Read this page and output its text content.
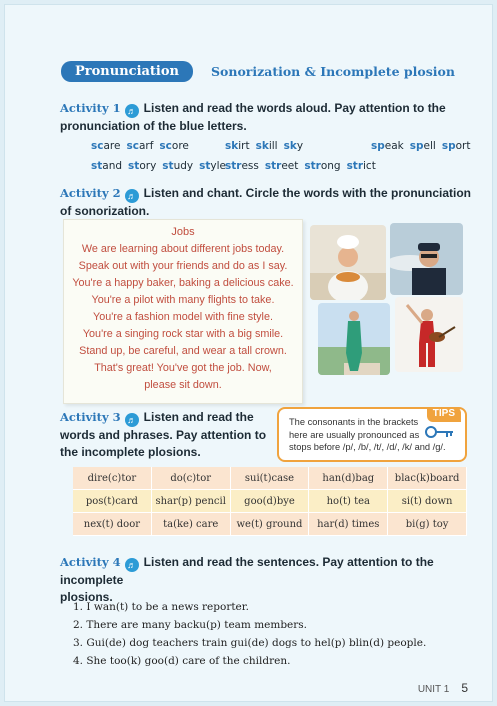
Pronunciation	Sonorization & Incomplete plosion
Activity 1 ♬ Listen and read the words aloud. Pay attention to the
pronunciation of the blue letters.
scare scarf score	skirt skill sky	speak spell sport
stand story study style stress street strong strict
Activity 2 ♬ Listen and chant. Circle the words with the pronunciation
of sonorization.
Jobs
We are learning about different jobs today.
Speak out with your friends and do as I say.
You're a happy baker, baking a delicious cake.
You're a pilot with many flights to take.
You're a fashion model with fine style.
You're a singing rock star with a big smile.
Stand up, be careful, and wear a tall crown.
That's great! You've got the job. Now,
please sit down.
Activity 3 ♬ Listen and read the
words and phrases. Pay attention to
the incomplete plosions.
TIPS
The consonants in the brackets
here are usually pronounced as
stops before /p/, /b/, /t/, /d/, /k/ and /g/.
dire(c)tor	do(c)tor	sui(t)case	han(d)bag	blac(k)board
pos(t)card	shar(p) pencil	goo(d)bye	ho(t) tea	si(t) down
nex(t) door	ta(ke) care	we(t) ground	har(d) times	bi(g) toy
Activity 4 ♬ Listen and read the sentences. Pay attention to the incomplete
plosions.
1. I wan(t) to be a news reporter.
2. There are many backu(p) team members.
3. Gui(de) dog teachers train gui(de) dogs to hel(p) blin(d) people.
4. She too(k) goo(d) care of the children.
UNIT 1 5
